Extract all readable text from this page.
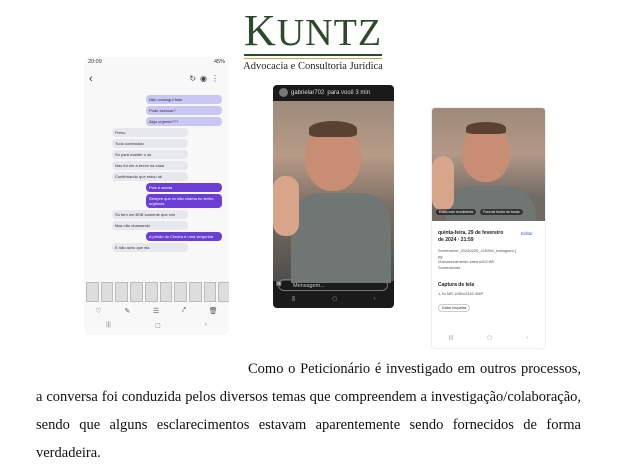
KUNTZ
Advocacia e Consultoria Jurídica
20:09	45%
‹	↻◉⋮
Não consegui falar
Pode acessar?
Algo urgente???
Preso
Tudo controlado
Só para manter o ok
Nao fui em a breve na casa
Confirmando que estou ok
Pois é acerta
Sempre que vc não chama eu tenho urgência
Só tem um BSB somente que sim
Mas vão chamando
A prisão do Cimara é uma vergonha
E não acho que ela
♡	✎	☰	⤤	🗑
|||	▢	‹
gabrielar702 para você 3 min
▣	Mensagem...
|||	▢	‹
Estilo com movimento	Fora de fundo do fundo
quinta-feira, 29 de fevereiro
de 2024 · 21:59
Editar
Screenshot_20240229_215950_Instagram.j
pg
/Armazenamento interno/DCIM/
Screenshots
Captura de tela
1,16 MB 1080x2340 3MP
Editar etiquetas
|||	▢	‹
Como o Peticionário é investigado em outros processos, a conversa foi conduzida pelos diversos temas que compreendem a investigação/colaboração, sendo que alguns esclarecimentos estavam aparentemente sendo fornecidos de forma verdadeira.
